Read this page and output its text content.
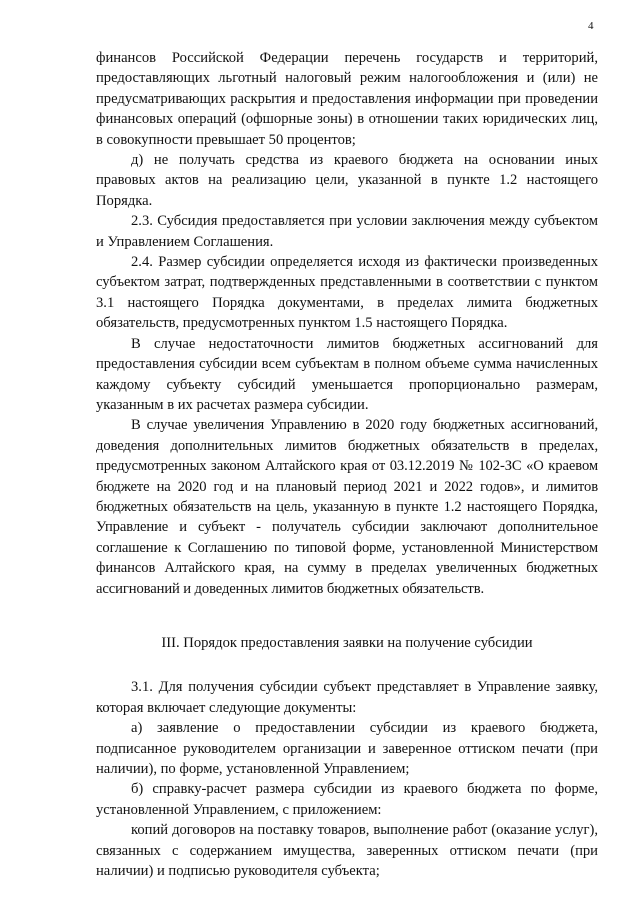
4

финансов Российской Федерации перечень государств и территорий, предоставляющих льготный налоговый режим налогообложения и (или) не предусматривающих раскрытия и предоставления информации при проведении финансовых операций (офшорные зоны) в отношении таких юридических лиц, в совокупности превышает 50 процентов;

д) не получать средства из краевого бюджета на основании иных правовых актов на реализацию цели, указанной в пункте 1.2 настоящего Порядка.

2.3. Субсидия предоставляется при условии заключения между субъектом и Управлением Соглашения.

2.4. Размер субсидии определяется исходя из фактически произведенных субъектом затрат, подтвержденных представленными в соответствии с пунктом 3.1 настоящего Порядка документами, в пределах лимита бюджетных обязательств, предусмотренных пунктом 1.5 настоящего Порядка.

В случае недостаточности лимитов бюджетных ассигнований для предоставления субсидии всем субъектам в полном объеме сумма начисленных каждому субъекту субсидий уменьшается пропорционально размерам, указанным в их расчетах размера субсидии.

В случае увеличения Управлению в 2020 году бюджетных ассигнований, доведения дополнительных лимитов бюджетных обязательств в пределах, предусмотренных законом Алтайского края от 03.12.2019 № 102-ЗС «О краевом бюджете на 2020 год и на плановый период 2021 и 2022 годов», и лимитов бюджетных обязательств на цель, указанную в пункте 1.2 настоящего Порядка, Управление и субъект - получатель субсидии заключают дополнительное соглашение к Соглашению по типовой форме, установленной Министерством финансов Алтайского края, на сумму в пределах увеличенных бюджетных ассигнований и доведенных лимитов бюджетных обязательств.

III. Порядок предоставления заявки на получение субсидии

3.1. Для получения субсидии субъект представляет в Управление заявку, которая включает следующие документы:

а) заявление о предоставлении субсидии из краевого бюджета, подписанное руководителем организации и заверенное оттиском печати (при наличии), по форме, установленной Управлением;

б) справку-расчет размера субсидии из краевого бюджета по форме, установленной Управлением, с приложением:

копий договоров на поставку товаров, выполнение работ (оказание услуг), связанных с содержанием имущества, заверенных оттиском печати (при наличии) и подписью руководителя субъекта;
